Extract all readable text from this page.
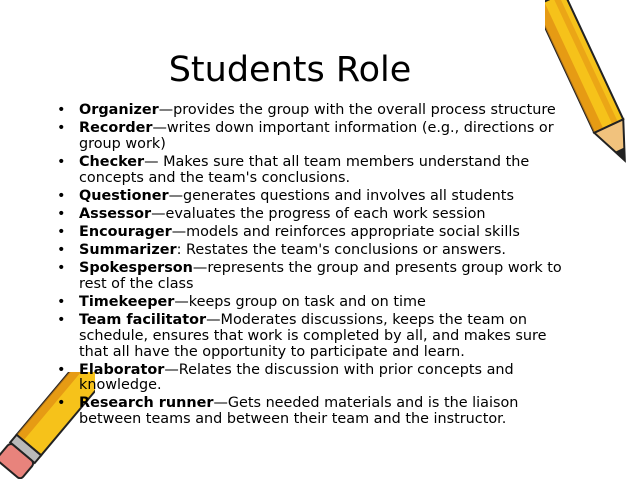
Students Role
• Organizer—provides the group with the overall process structure
• Recorder—writes down important information (e.g., directions or group work)
• Checker— Makes sure that all team members understand the concepts and the team's conclusions.
• Questioner—generates questions and involves all students
• Assessor—evaluates the progress of each work session
• Encourager—models and reinforces appropriate social skills
• Summarizer: Restates the team's conclusions or answers.
• Spokesperson—represents the group and presents group work to rest of the class
• Timekeeper—keeps group on task and on time
• Team facilitator—Moderates discussions, keeps the team on schedule, ensures that work is completed by all, and makes sure that all have the opportunity to participate and learn.
• Elaborator—Relates the discussion with prior concepts and knowledge.
• Research runner—Gets needed materials and is the liaison between teams and between their team and the instructor.
